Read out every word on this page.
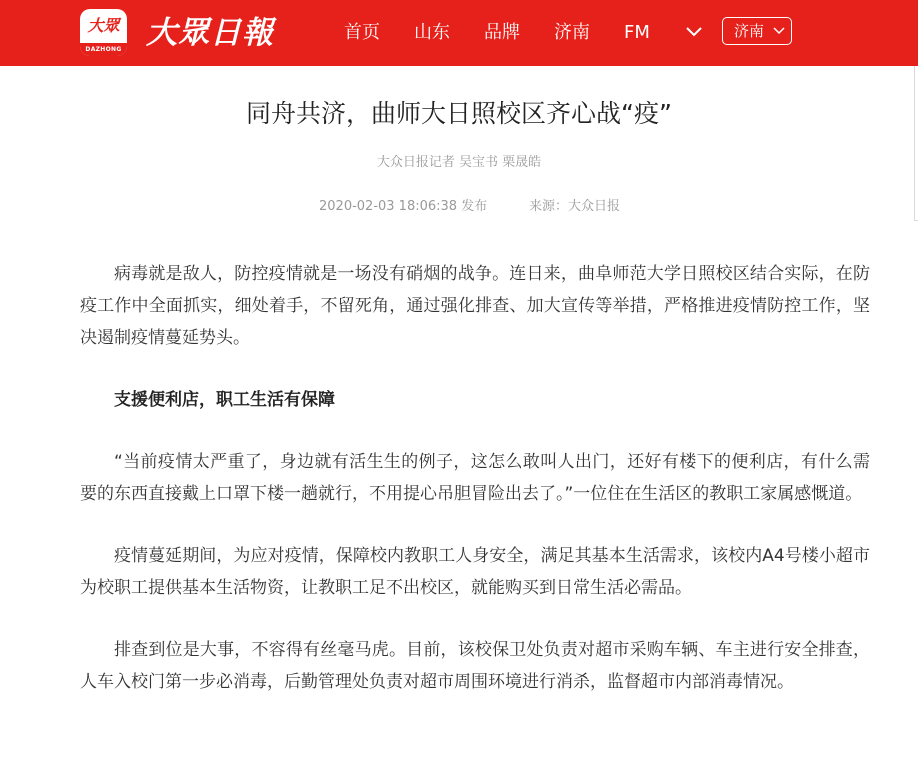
大眾
DAZHONG 大眾日報	首页 山东 品牌 济南 FM	济南
同舟共济，曲师大日照校区齐心战“疫”
大众日报记者 吴宝书 栗晟皓
2020-02-03 18:06:38 发布	来源：大众日报

病毒就是敌人，防控疫情就是一场没有硝烟的战争。连日来，曲阜师范大学日照校区结合实际，在防疫工作中全面抓实，细处着手，不留死角，通过强化排查、加大宣传等举措，严格推进疫情防控工作，坚决遏制疫情蔓延势头。

支援便利店，职工生活有保障

“当前疫情太严重了，身边就有活生生的例子，这怎么敢叫人出门，还好有楼下的便利店，有什么需要的东西直接戴上口罩下楼一趟就行，不用提心吊胆冒险出去了。”一位住在生活区的教职工家属感慨道。

疫情蔓延期间，为应对疫情，保障校内教职工人身安全，满足其基本生活需求，该校内A4号楼小超市为校职工提供基本生活物资，让教职工足不出校区，就能购买到日常生活必需品。

排查到位是大事，不容得有丝毫马虎。目前，该校保卫处负责对超市采购车辆、车主进行安全排查，人车入校门第一步必消毒，后勤管理处负责对超市周围环境进行消杀，监督超市内部消毒情况。
